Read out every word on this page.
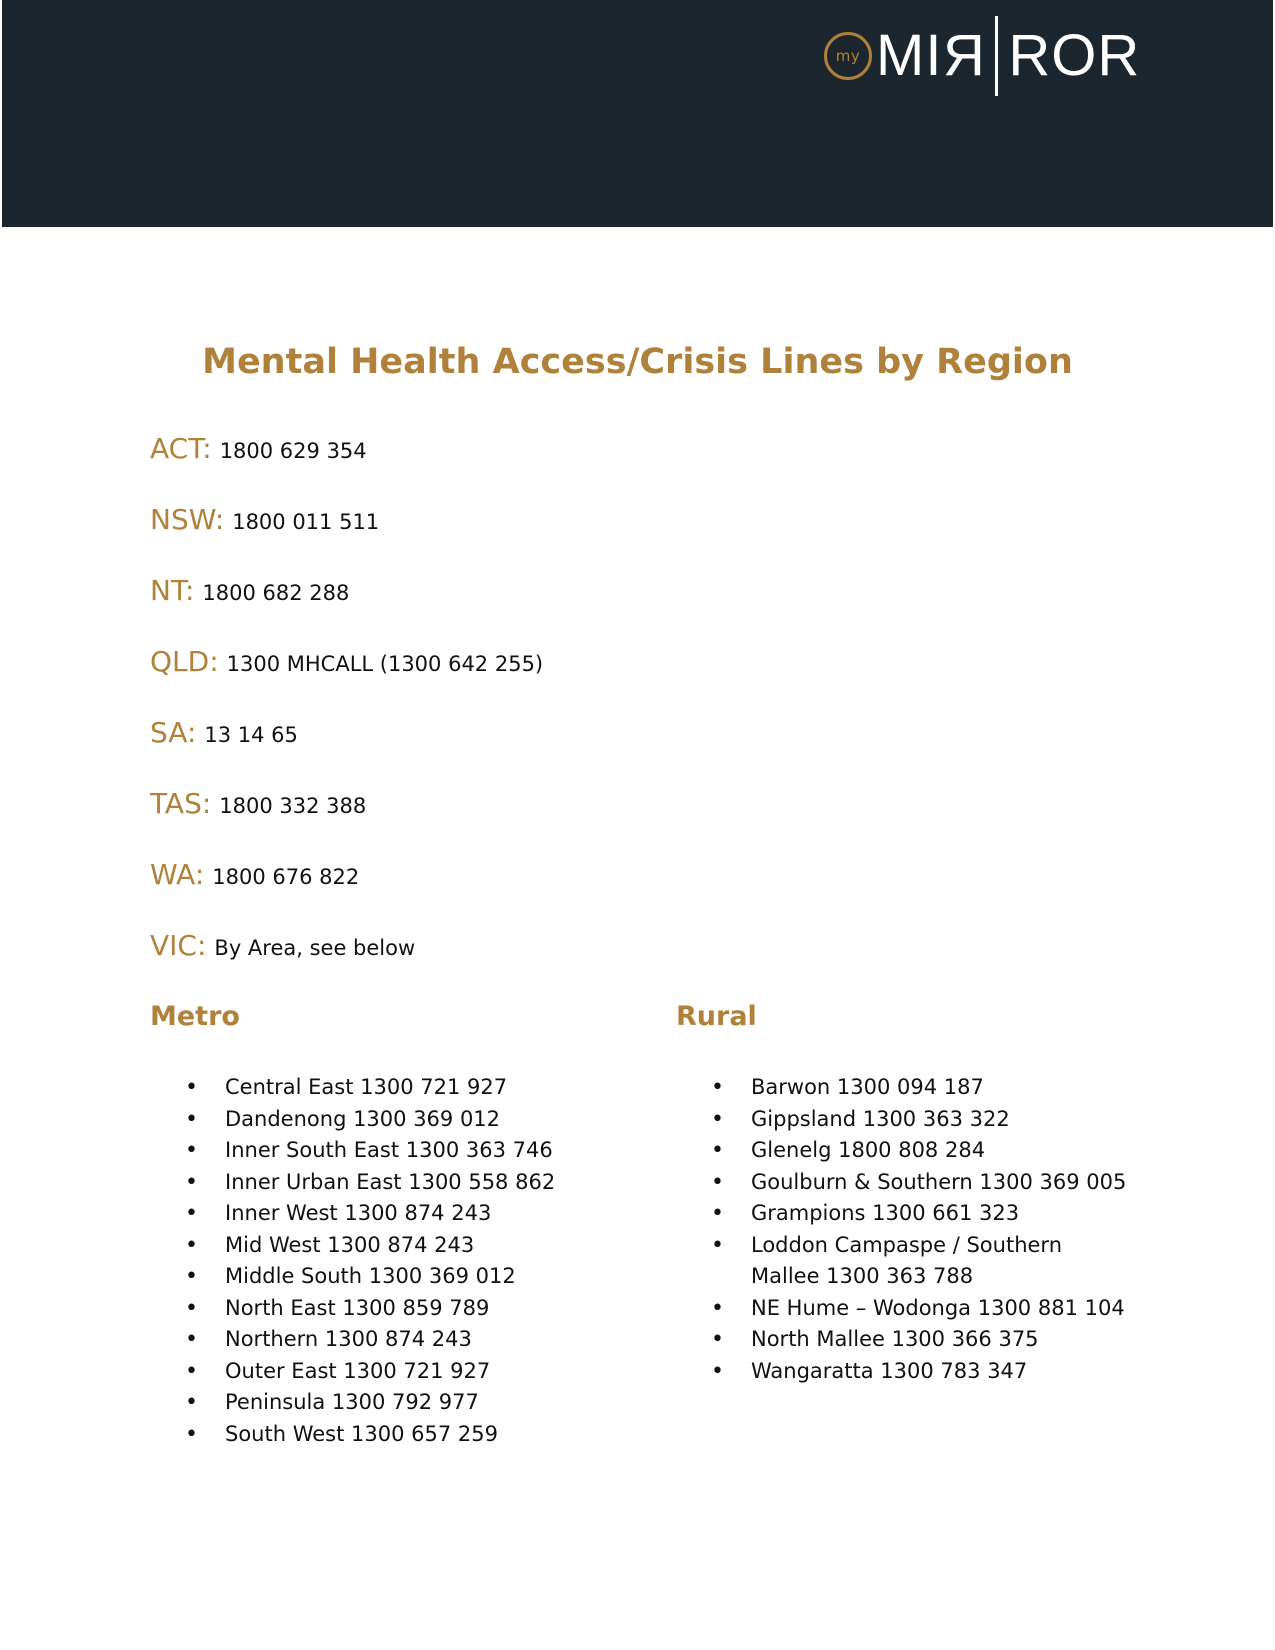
my MIR ROR
Mental Health Access/Crisis Lines by Region
ACT: 1800 629 354
NSW: 1800 011 511
NT: 1800 682 288
QLD: 1300 MHCALL (1300 642 255)
SA: 13 14 65
TAS: 1800 332 388
WA: 1800 676 822
VIC: By Area, see below
Metro	Rural
• Central East 1300 721 927
• Dandenong 1300 369 012
• Inner South East 1300 363 746
• Inner Urban East 1300 558 862
• Inner West 1300 874 243
• Mid West 1300 874 243
• Middle South 1300 369 012
• North East 1300 859 789
• Northern 1300 874 243
• Outer East 1300 721 927
• Peninsula 1300 792 977
• South West 1300 657 259
• Barwon 1300 094 187
• Gippsland 1300 363 322
• Glenelg 1800 808 284
• Goulburn & Southern 1300 369 005
• Grampions 1300 661 323
• Loddon Campaspe / Southern Mallee 1300 363 788
• NE Hume – Wodonga 1300 881 104
• North Mallee 1300 366 375
• Wangaratta 1300 783 347
